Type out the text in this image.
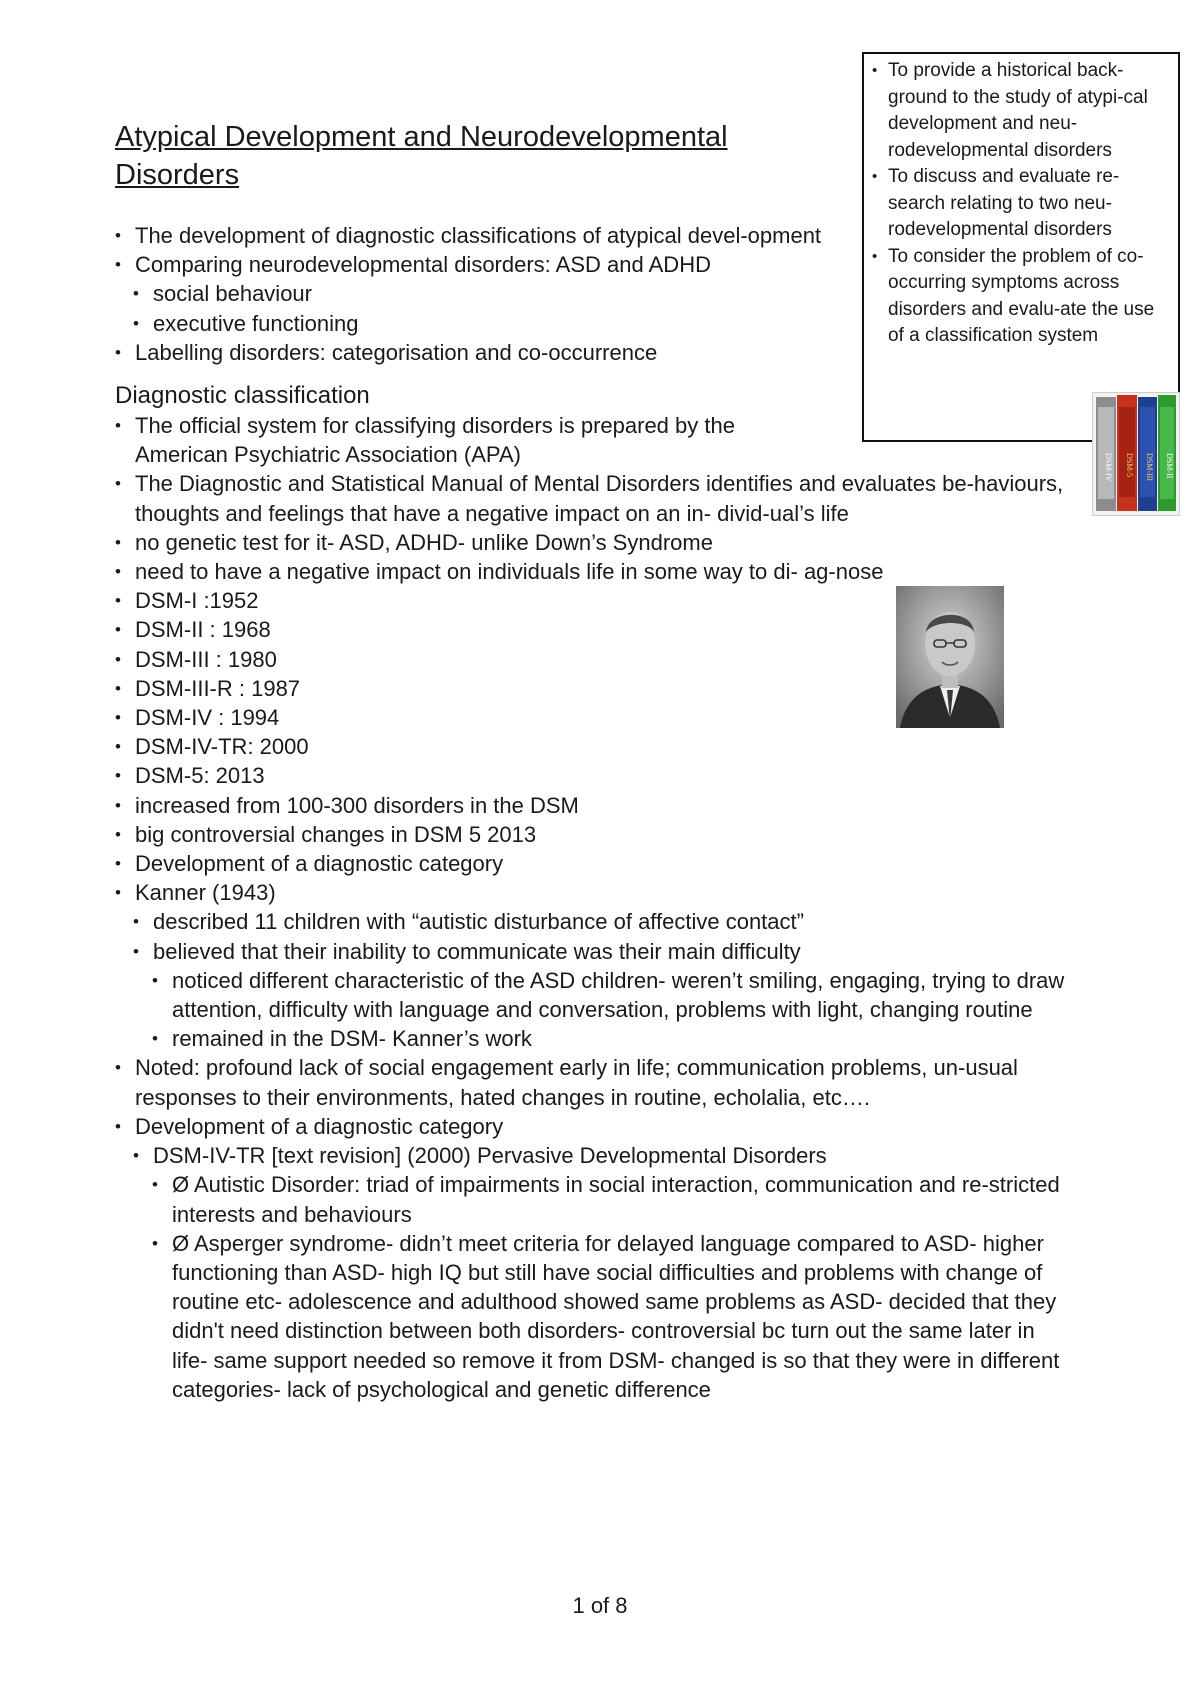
Atypical Development and Neurodevelopmental Disorders
• To provide a historical back-ground to the study of atypi-cal development and neu-rodevelopmental disorders
• To discuss and evaluate re-search relating to two neu-rodevelopmental disorders
• To consider the problem of co-occurring symptoms across disorders and evalu-ate the use of a classification system
DSM-IV DSM-5 DSM-III DSM-II
• The development of diagnostic classifications of atypical devel-opment
• Comparing neurodevelopmental disorders: ASD and ADHD
• social behaviour
• executive functioning
• Labelling disorders: categorisation and co-occurrence
Diagnostic classification
• The official system for classifying disorders is prepared by the American Psychiatric Association (APA)
• The Diagnostic and Statistical Manual of Mental Disorders identifies and evaluates be-haviours, thoughts and feelings that have a negative impact on an in- divid-ual’s life
• no genetic test for it- ASD, ADHD- unlike Down’s Syndrome
• need to have a negative impact on individuals life in some way to di- ag-nose
• DSM-I :1952
• DSM-II : 1968
• DSM-III : 1980
• DSM-III-R : 1987
• DSM-IV : 1994
• DSM-IV-TR: 2000
• DSM-5: 2013
• increased from 100-300 disorders in the DSM
• big controversial changes in DSM 5 2013
• Development of a diagnostic category
• Kanner (1943)
• described 11 children with “autistic disturbance of affective contact”
• believed that their inability to communicate was their main difficulty
• noticed different characteristic of the ASD children- weren’t smiling, engaging, trying to draw attention, difficulty with language and conversation, problems with light, changing routine
• remained in the DSM- Kanner’s work
• Noted: profound lack of social engagement early in life; communication problems, un-usual responses to their environments, hated changes in routine, echolalia, etc….
• Development of a diagnostic category
• DSM-IV-TR [text revision] (2000) Pervasive Developmental Disorders
• Ø Autistic Disorder: triad of impairments in social interaction, communication and re-stricted interests and behaviours
• Ø Asperger syndrome- didn’t meet criteria for delayed language compared to ASD- higher functioning than ASD- high IQ but still have social difficulties and problems with change of routine etc- adolescence and adulthood showed same problems as ASD- decided that they didn't need distinction between both disorders- controversial bc turn out the same later in life- same support needed so remove it from DSM- changed is so that they were in different categories- lack of psychological and genetic difference
1 of 8
